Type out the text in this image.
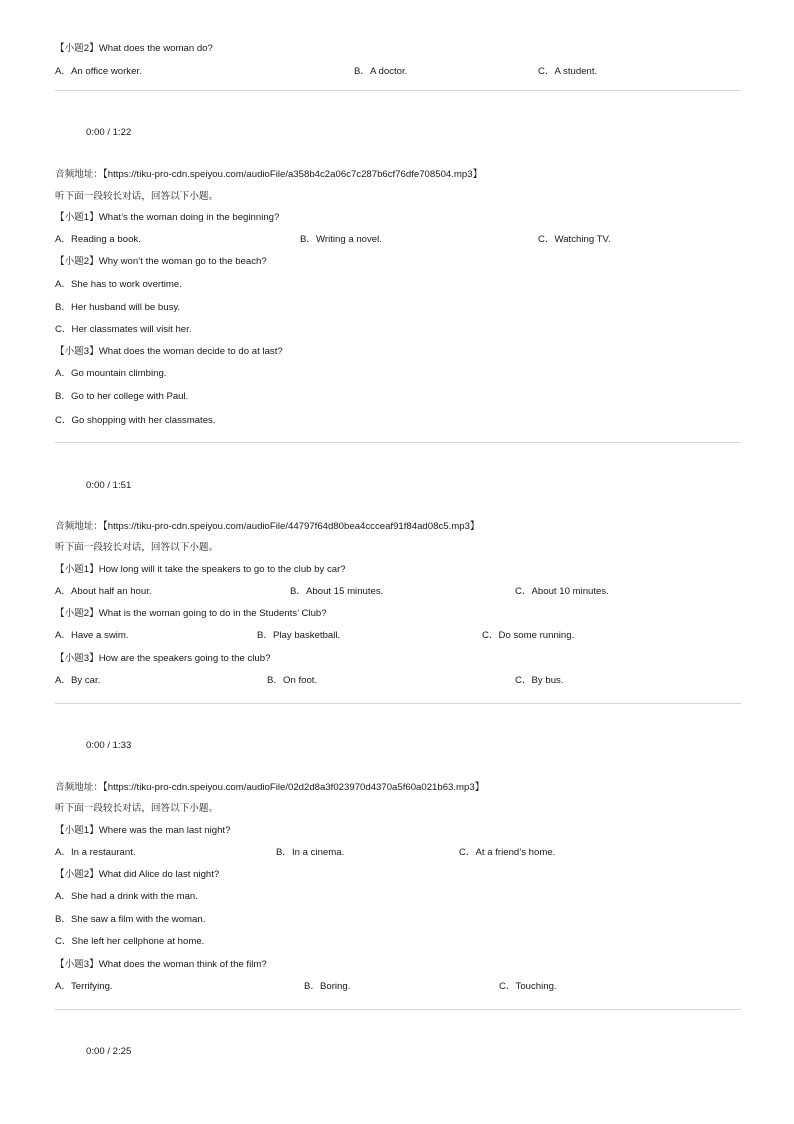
【小题2】What does the woman do?
A．An office worker.	B．A doctor.	C．A student.
0:00 / 1:22
音频地址：【https://tiku-pro-cdn.speiyou.com/audioFile/a358b4c2a06c7c287b6cf76dfe708504.mp3】
听下面一段较长对话，回答以下小题。
【小题1】What’s the woman doing in the beginning?
A．Reading a book.	B．Writing a novel.	C．Watching TV.
【小题2】Why won’t the woman go to the beach?
A．She has to work overtime.
B．Her husband will be busy.
C．Her classmates will visit her.
【小题3】What does the woman decide to do at last?
A．Go mountain climbing.
B．Go to her college with Paul.
C．Go shopping with her classmates.
0:00 / 1:51
音频地址：【https://tiku-pro-cdn.speiyou.com/audioFile/44797f64d80bea4ccceaf91f84ad08c5.mp3】
听下面一段较长对话，回答以下小题。
【小题1】How long will it take the speakers to go to the club by car?
A．About half an hour.	B．About 15 minutes.	C．About 10 minutes.
【小题2】What is the woman going to do in the Students’ Club?
A．Have a swim.	B．Play basketball.	C．Do some running.
【小题3】How are the speakers going to the club?
A．By car.	B．On foot.	C．By bus.
0:00 / 1:33
音频地址：【https://tiku-pro-cdn.speiyou.com/audioFile/02d2d8a3f023970d4370a5f60a021b63.mp3】
听下面一段较长对话，回答以下小题。
【小题1】Where was the man last night?
A．In a restaurant.	B．In a cinema.	C．At a friend’s home.
【小题2】What did Alice do last night?
A．She had a drink with the man.
B．She saw a film with the woman.
C．She left her cellphone at home.
【小题3】What does the woman think of the film?
A．Terrifying.	B．Boring.	C．Touching.
0:00 / 2:25
